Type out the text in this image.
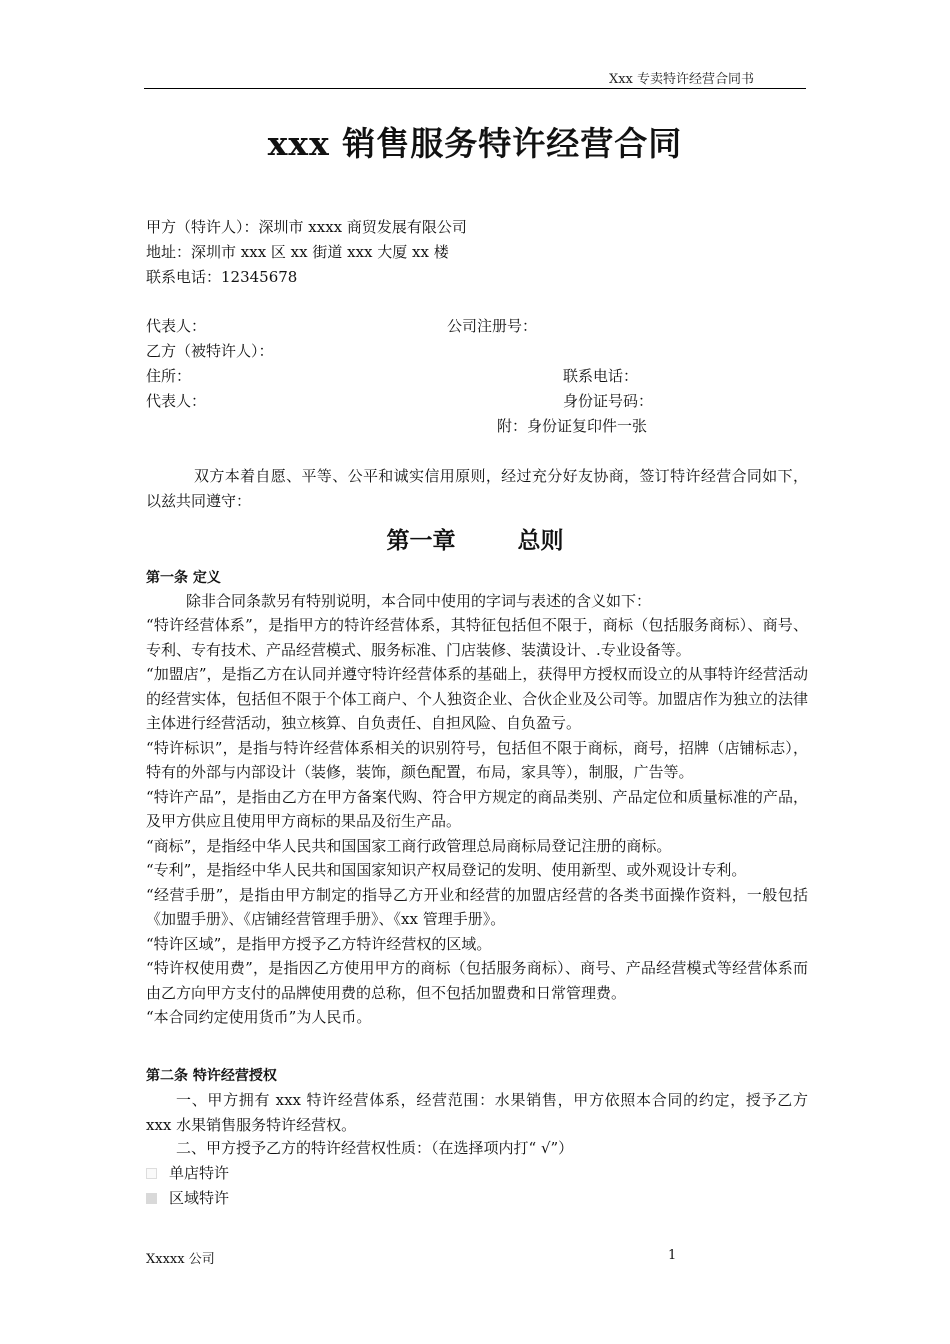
Xxx 专卖特许经营合同书
xxx 销售服务特许经营合同
甲方（特许人）：深圳市 xxxx 商贸发展有限公司
地址：深圳市 xxx 区 xx 街道 xxx 大厦 xx 楼
联系电话：12345678
代表人：	公司注册号：
乙方（被特许人）：
住所：	联系电话：
代表人：	身份证号码：
附：身份证复印件一张
双方本着自愿、平等、公平和诚实信用原则，经过充分好友协商，签订特许经营合同如下，以兹共同遵守：
第一章	总则
第一条 定义
除非合同条款另有特别说明，本合同中使用的字词与表述的含义如下：

“特许经营体系”，是指甲方的特许经营体系，其特征包括但不限于，商标（包括服务商标）、商号、专利、专有技术、产品经营模式、服务标准、门店装修、装潢设计、.专业设备等。

“加盟店”，是指乙方在认同并遵守特许经营体系的基础上，获得甲方授权而设立的从事特许经营活动的经营实体，包括但不限于个体工商户、个人独资企业、合伙企业及公司等。加盟店作为独立的法律主体进行经营活动，独立核算、自负责任、自担风险、自负盈亏。

“特许标识”，是指与特许经营体系相关的识别符号，包括但不限于商标，商号，招牌（店铺标志），特有的外部与内部设计（装修，装饰，颜色配置，布局，家具等），制服，广告等。

“特许产品”，是指由乙方在甲方备案代购、符合甲方规定的商品类别、产品定位和质量标准的产品，及甲方供应且使用甲方商标的果品及衍生产品。

“商标”，是指经中华人民共和国国家工商行政管理总局商标局登记注册的商标。

“专利”，是指经中华人民共和国国家知识产权局登记的发明、使用新型、或外观设计专利。

“经营手册”，是指由甲方制定的指导乙方开业和经营的加盟店经营的各类书面操作资料，一般包括《加盟手册》、《店铺经营管理手册》、《xx 管理手册》。

“特许区域”，是指甲方授予乙方特许经营权的区域。

“特许权使用费”，是指因乙方使用甲方的商标（包括服务商标）、商号、产品经营模式等经营体系而由乙方向甲方支付的品牌使用费的总称，但不包括加盟费和日常管理费。

“本合同约定使用货币”为人民币。

第二条 特许经营授权
一、甲方拥有 xxx 特许经营体系，经营范围：水果销售，甲方依照本合同的约定，授予乙方 xxx 水果销售服务特许经营权。
二、甲方授予乙方的特许经营权性质：（在选择项内打“ √”）
单店特许
区域特许
Xxxxx 公司	1
